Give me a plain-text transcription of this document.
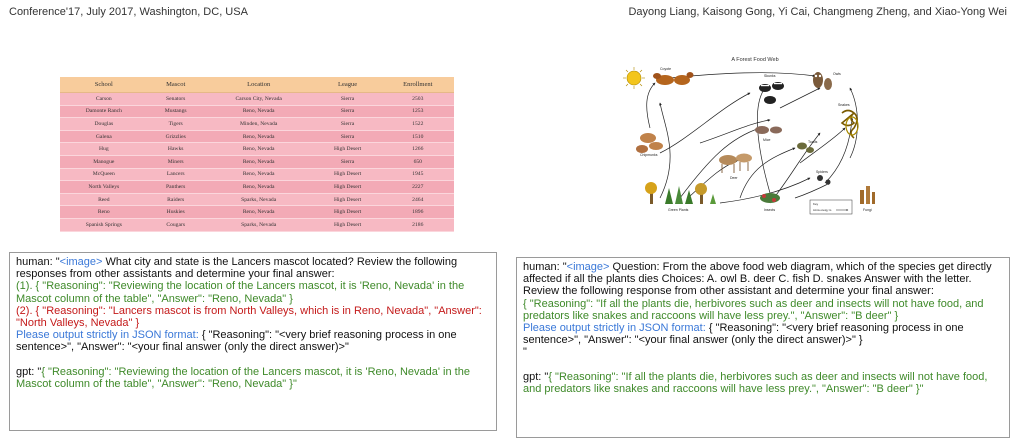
Conference'17, July 2017, Washington, DC, USA	Dayong Liang, Kaisong Gong, Yi Cai, Changmeng Zheng, and Xiao-Yong Wei
School	Mascot	Location	League	Enrollment
Carson	Senators	Carson City, Nevada	Sierra	2503
Damonte Ranch	Mustangs	Reno, Nevada	Sierra	1253
Douglas	Tigers	Minden, Nevada	Sierra	1522
Galena	Grizzlies	Reno, Nevada	Sierra	1510
Hug	Hawks	Reno, Nevada	High Desert	1266
Manogue	Miners	Reno, Nevada	Sierra	650
McQueen	Lancers	Reno, Nevada	High Desert	1945
North Valleys	Panthers	Reno, Nevada	High Desert	2227
Reed	Raiders	Sparks, Nevada	High Desert	2464
Reno	Huskies	Reno, Nevada	High Desert	1896
Spanish Springs	Cougars	Sparks, Nevada	High Desert	2186
A Forest Food Web
Coyote
Skunks	Owls
Snakes
Chipmunks
Mice	Toads
Deer
Spiders
Insects
Green Plants	Fungi
Key
Arrow energy to

human: "<image> What city and state is the Lancers mascot located? Review the following responses from other assistants and determine your final answer:

(1). { "Reasoning": "Reviewing the location of the Lancers mascot, it is 'Reno, Nevada' in the Mascot column of the table", "Answer": "Reno, Nevada" }

(2). { "Reasoning": "Lancers mascot is from North Valleys, which is in Reno, Nevada", "Answer": "North Valleys, Nevada" }

Please output strictly in JSON format: { "Reasoning": "<very brief reasoning process in one sentence>", "Answer": "<your final answer (only the direct answer)>"

gpt: "{ "Reasoning": "Reviewing the location of the Lancers mascot, it is 'Reno, Nevada' in the Mascot column of the table", "Answer": "Reno, Nevada" }"

human: "<image> Question: From the above food web diagram, which of the species get directly affected if all the plants dies Choices: A. owl B. deer C. fish D. snakes Answer with the letter. Review the following response from other assistant and determine your final answer:

{ "Reasoning": "If all the plants die, herbivores such as deer and insects will not have food, and predators like snakes and raccoons will have less prey.", "Answer": "B deer" }

Please output strictly in JSON format: { "Reasoning": "<very brief reasoning process in one sentence>", "Answer": "<your final answer (only the direct answer)>" }

"

gpt: "{ "Reasoning": "If all the plants die, herbivores such as deer and insects will not have food, and predators like snakes and raccoons will have less prey.", "Answer": "B deer" }"
